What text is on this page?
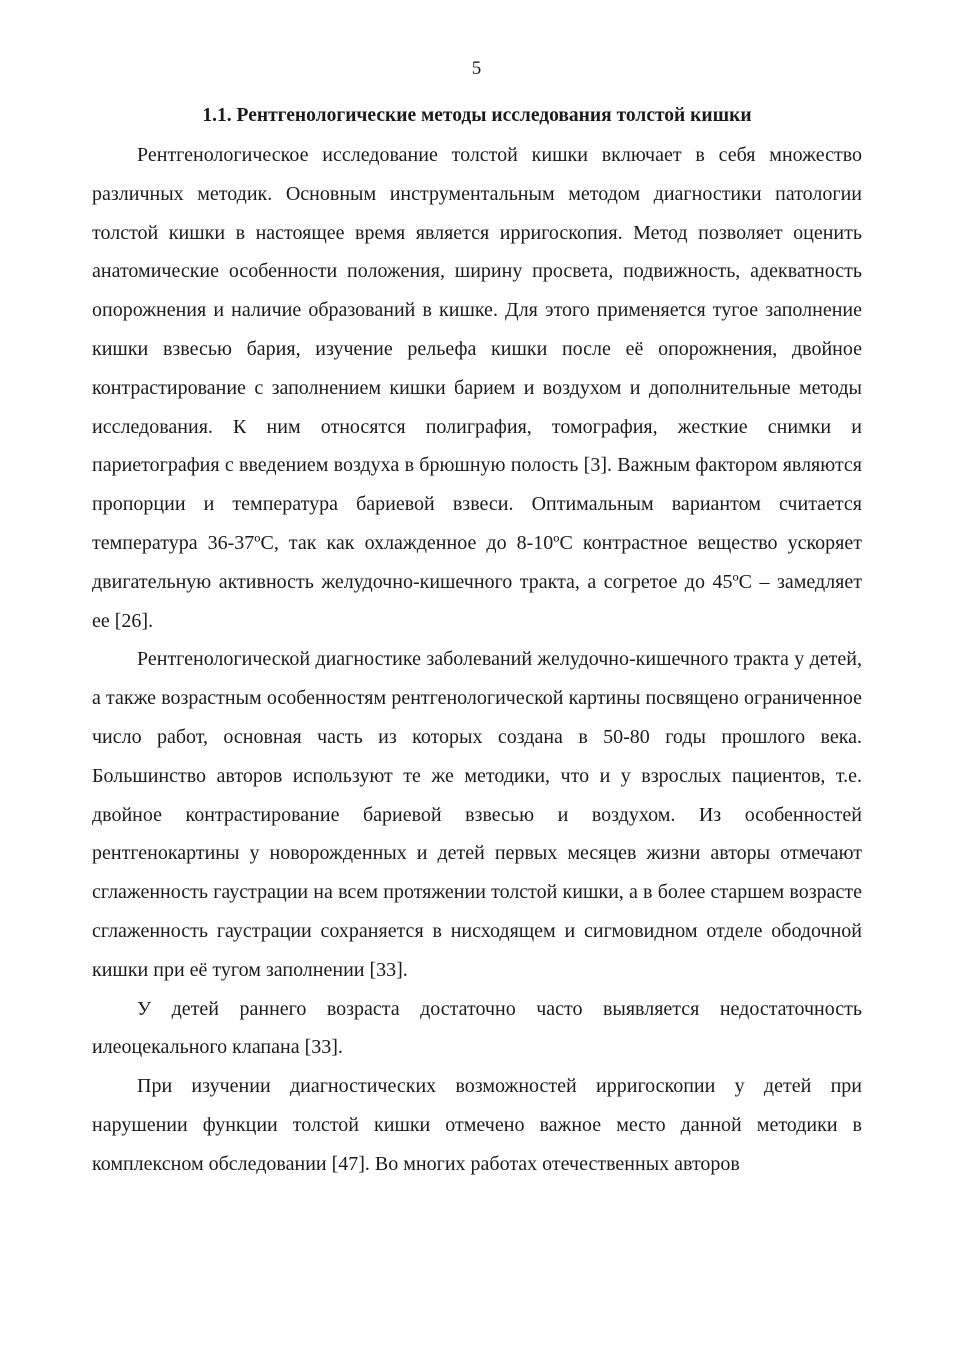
5
1.1. Рентгенологические методы исследования толстой кишки

Рентгенологическое исследование толстой кишки включает в себя множество различных методик. Основным инструментальным методом диагностики патологии толстой кишки в настоящее время является ирригоскопия. Метод позволяет оценить анатомические особенности положения, ширину просвета, подвижность, адекватность опорожнения и наличие образований в кишке. Для этого применяется тугое заполнение кишки взвесью бария, изучение рельефа кишки после её опорожнения, двойное контрастирование с заполнением кишки барием и воздухом и дополнительные методы исследования. К ним относятся полиграфия, томография, жесткие снимки и париетография с введением воздуха в брюшную полость [3]. Важным фактором являются пропорции и температура бариевой взвеси. Оптимальным вариантом считается температура 36-37ºС, так как охлажденное до 8-10ºС контрастное вещество ускоряет двигательную активность желудочно-кишечного тракта, а согретое до 45ºС – замедляет ее [26].

Рентгенологической диагностике заболеваний желудочно-кишечного тракта у детей, а также возрастным особенностям рентгенологической картины посвящено ограниченное число работ, основная часть из которых создана в 50-80 годы прошлого века. Большинство авторов используют те же методики, что и у взрослых пациентов, т.е. двойное контрастирование бариевой взвесью и воздухом. Из особенностей рентгенокартины у новорожденных и детей первых месяцев жизни авторы отмечают сглаженность гаустрации на всем протяжении толстой кишки, а в более старшем возрасте сглаженность гаустрации сохраняется в нисходящем и сигмовидном отделе ободочной кишки при её тугом заполнении [33].

У детей раннего возраста достаточно часто выявляется недостаточность илеоцекального клапана [33].

При изучении диагностических возможностей ирригоскопии у детей при нарушении функции толстой кишки отмечено важное место данной методики в комплексном обследовании [47]. Во многих работах отечественных авторов
